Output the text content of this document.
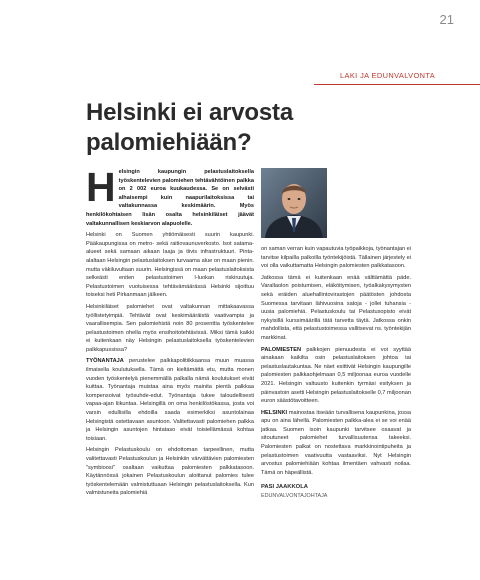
21
LAKI JA EDUNVALVONTA
Helsinki ei arvosta palomiehiään?

H elsingin kaupungin pelastuslaitoksella työskentelevien palomiehen tehtävähtöinen palkka on 2 002 euroa kuukaudessa. Se on selvästi alhaisempi kuin naapurilaitoksissa tai valtakunnassa keskimäärin. Myös henkilökohtaisen lisän osalta helsinkiläiset jäävät valtakunnallisen keskiarvon alapuolelle.

Helsinki on Suomen yhtiömäisesti suurin kaupunki. Pääkaupungissa on metro- sekä raitiovaunuverkosto. Isot satama-alueet sekä samaan aikaan laaja ja tiivis infrastruktuuri. Pinta-alaltaan Helsingin pelastuslaitoksen turvaama alue on maan pienin. mutta väkiluvultaan suurin. Helsingissä on maan pelastuslaitoksista selkeästi eniten pelastustoimen l-luokan riskiruutuja. Pelastustoimen vuotuisessa tehtävämäärässä Helsinki sijoittuu toiseksi heti Pirkanmaan jälkeen.

Helsinkiläiset palomiehet ovat valtakunnan mittakaavassa työllistetyimpiä. Tehtävät ovat keskimääräistä vaativampia ja vaarallisempia. Sen palomiehistä noin 80 prosenttia työskentelee pelastustoimen ohella myös ensihoitotehtävissä. Miksi tämä kaikki ei kuitenkaan näy Helsingin pelastuslaitoksella työskentelevien palkkapussissa?

TYÖNANTAJA perustelee palkkapolitiikkaansa muun muassa ilmaisella koulutuksella. Tämä on kieltämättä etu, mutta monen vuoden työskentelyä pienemmällä palkalla nämä koulutukset eivät kuittaa. Työnantaja muistaa aina myös mainita pientä palkkaa kompensoivat työsuhde-edut. Työnantaja tukee taloudellisesti vapaa-ajan liikuntaa. Helsingillä on oma henkilöstökassa, josta voi varsin edullisilla ehdoilla saada esimerkiksi asuntolainaa Helsingistä ostettavaan asuntoon. Valitettavasti palomiehen palkka ja Helsingin asuntojen hintataso eivät toisiellämässä kohtaa toisiaan.

Helsingin Pelastuskoulu on ehdottoman tarpeellinen, mutta valitettavasti Pelastuskoulun ja Helsinkiin värvättävien palomiesten "symbioosi" osaltaan vaikuttaa palomiesten palkkatasoon. Käytännössä jokainen Pelastuskoulun aloittanut palomies tulee työskentelemään valmistuttuaan Helsingin pelastuslaitoksella. Kun valmistuneita palomiehiä

on saman verran kuin vapautuvia työpaikkoja, työnantajan ei tarvitse kilpailla palkoilla työntekijöistä. Tällainen järjestely ei voi olla vaikuttamatta Helsingin palomiesten palkkatasoon.

Jatkossa tämä ei kuitenkaan enää välttämättä päde. Varallaolon poistumisen, eläköitymisen, työalkakysymysten sekä eräiden aluehallintovirastojen päätösten johdosta Suomessa tarvitaan lähivuosina satoja - jollei tuhansia - uusia palomiehiä. Pelastuskoulu tai Pelastusopisto eivät nykyisillä kurssimäärillä tätä tarvetta täytä. Jatkossa onkin mahdollista, että pelastustoimessa vallitsevat ns. työntekijän markkinat.

PALOMIESTEN palkkojen pienuudesta ei voi syyttää ainakaan kaikilta osin pelastuslaitoksen johtoa tai pelastuslautakuntaa. Ne näet esittivät Helsingin kaupungille palomiesten palkkaohjelmaan 0,5 miljoonaa euroa vuodelle 2021. Helsingin valtuusto kuitenkin tyrmäsi esityksen ja päinvastoin asetti Helsingin pelastuslaitokselle 0,7 miljoonan euron säästötavoitteen.

HELSINKI mainostaa itseään turvallisena kaupunkina, jossa apu on aina lähellä. Palomiesten palkka-alea ei se voi enää jatkaa. Suomen isoin kaupunki tarvitsee osaavat ja sitoutuneet palomiehet turvallisuutensa takeeksi. Palomiesten palkat on nostettava markkinointipuheita ja pelastustoimen vaativuutta vastaaviksi. Nyt Helsingin arvostus palomiehiään kohtaa ilmentäen vahvasti noilaa. Tämä on häpeällistä.

PASI JAAKKOLA
EDUNVALVONTAJOHTAJA
